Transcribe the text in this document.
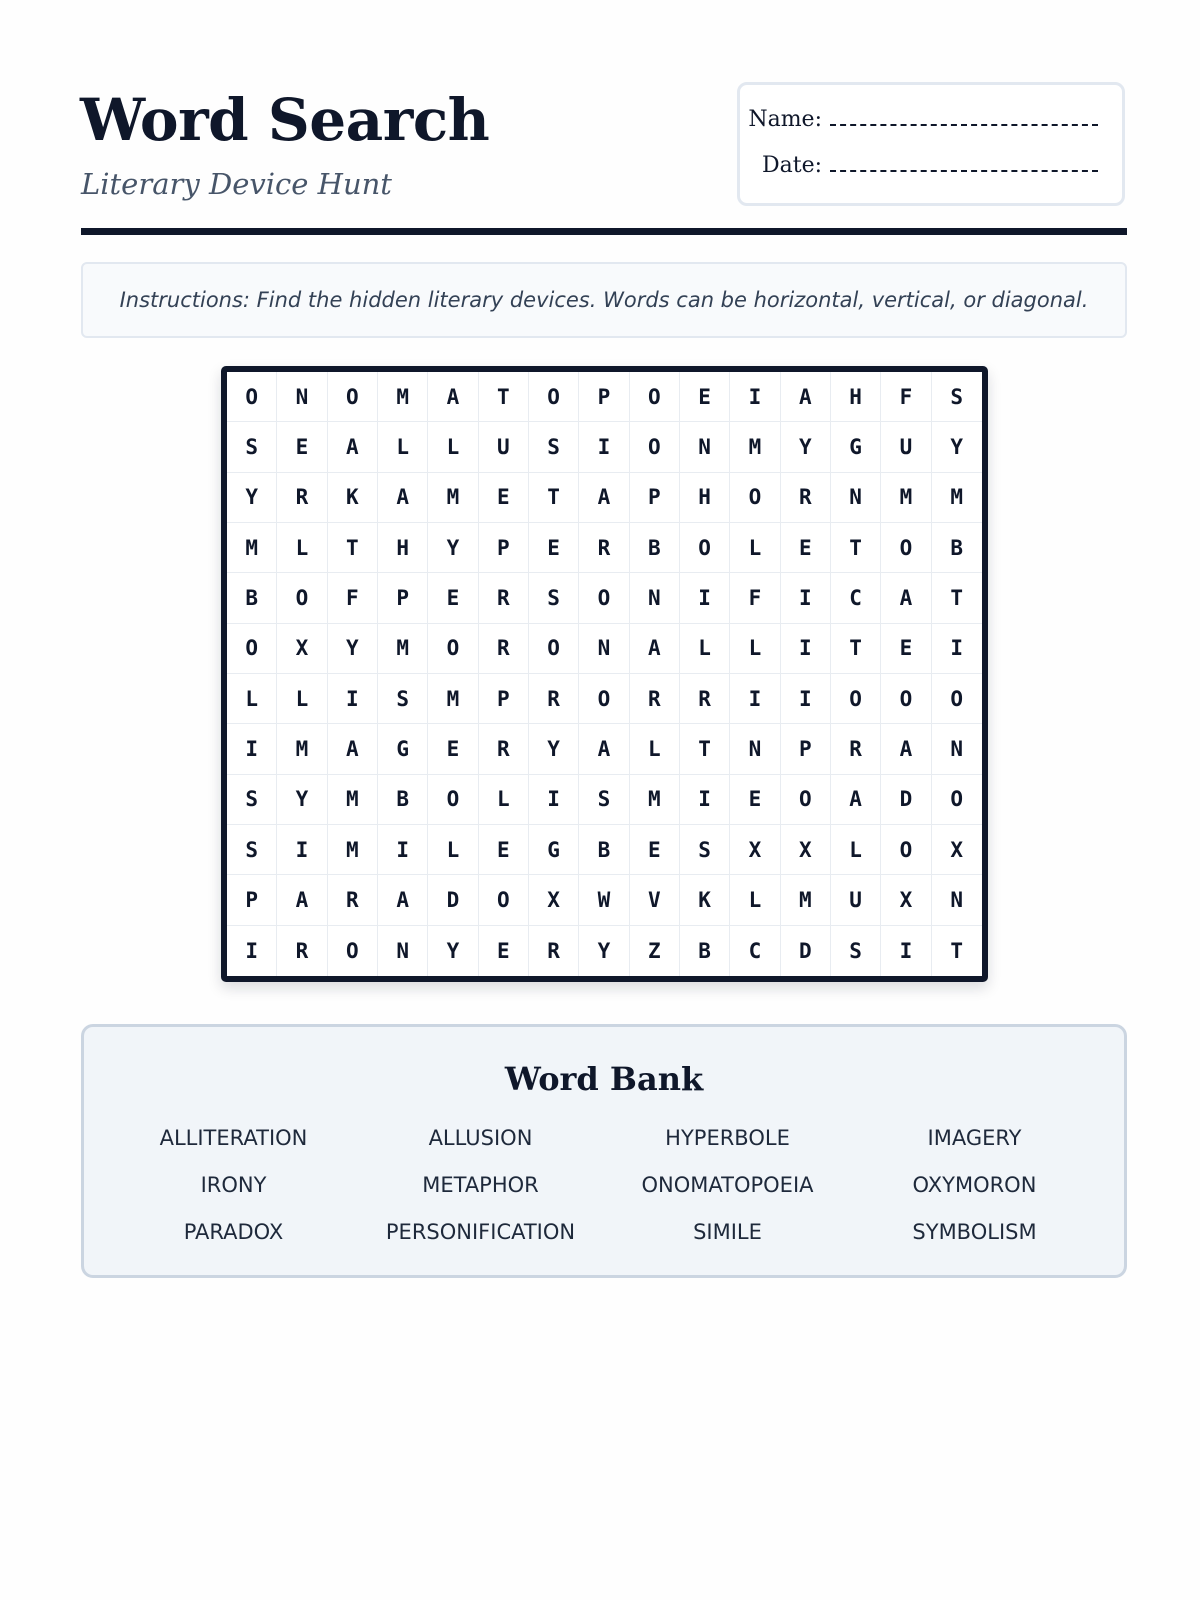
Word Search

Literary Device Hunt

Name:
Date:
Instructions: Find the hidden literary devices. Words can be horizontal, vertical, or diagonal.
O	N	O	M	A	T	O	P	O	E	I	A	H	F	S
S	E	A	L	L	U	S	I	O	N	M	Y	G	U	Y
Y	R	K	A	M	E	T	A	P	H	O	R	N	M	M
M	L	T	H	Y	P	E	R	B	O	L	E	T	O	B
B	O	F	P	E	R	S	O	N	I	F	I	C	A	T
O	X	Y	M	O	R	O	N	A	L	L	I	T	E	I
L	L	I	S	M	P	R	O	R	R	I	I	O	O	O
I	M	A	G	E	R	Y	A	L	T	N	P	R	A	N
S	Y	M	B	O	L	I	S	M	I	E	O	A	D	O
S	I	M	I	L	E	G	B	E	S	X	X	L	O	X
P	A	R	A	D	O	X	W	V	K	L	M	U	X	N
I	R	O	N	Y	E	R	Y	Z	B	C	D	S	I	T
Word Bank
ALLITERATION	ALLUSION	HYPERBOLE	IMAGERY
IRONY	METAPHOR	ONOMATOPOEIA	OXYMORON
PARADOX	PERSONIFICATION	SIMILE	SYMBOLISM
